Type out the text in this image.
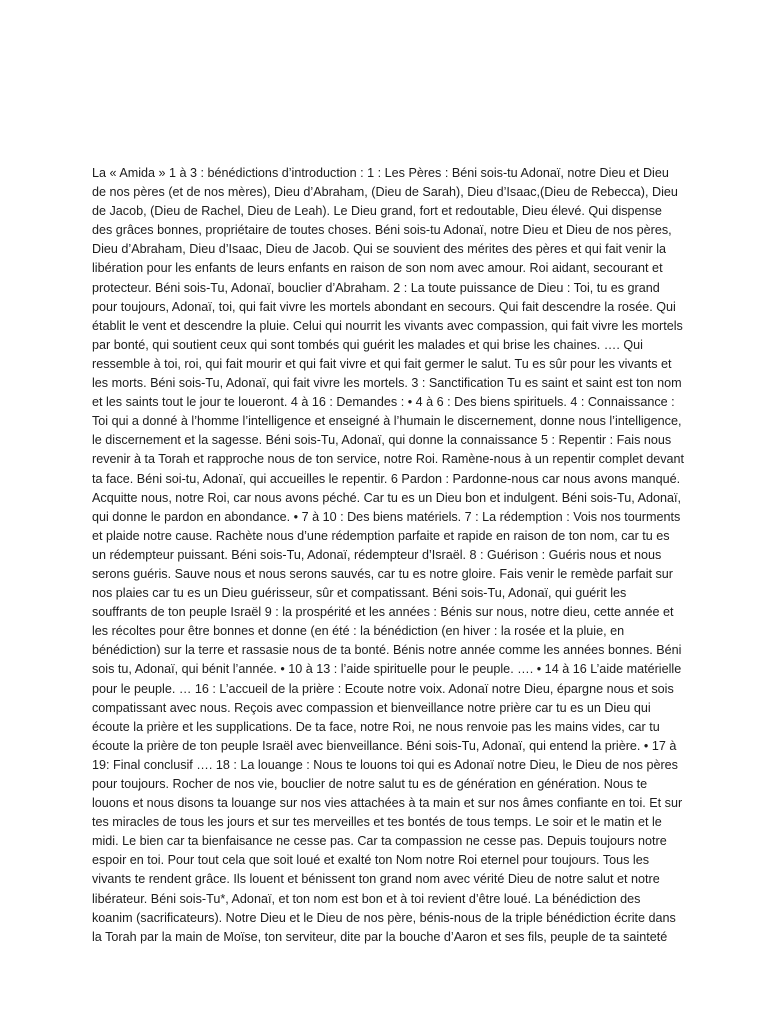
La « Amida » 1 à 3 : bénédictions d’introduction : 1 : Les Pères : Béni sois-tu Adonaï, notre Dieu et Dieu de nos pères (et de nos mères), Dieu d’Abraham, (Dieu de Sarah), Dieu d’Isaac,(Dieu de Rebecca), Dieu de Jacob, (Dieu de Rachel, Dieu de Leah). Le Dieu grand, fort et redoutable, Dieu élevé. Qui dispense des grâces bonnes, propriétaire de toutes choses. Béni sois-tu Adonaï, notre Dieu et Dieu de nos pères, Dieu d’Abraham, Dieu d’Isaac, Dieu de Jacob. Qui se souvient des mérites des pères et qui fait venir la libération pour les enfants de leurs enfants en raison de son nom avec amour. Roi aidant, secourant et protecteur. Béni sois-Tu, Adonaï, bouclier d’Abraham. 2 : La toute puissance de Dieu : Toi, tu es grand pour toujours, Adonaï, toi, qui fait vivre les mortels abondant en secours. Qui fait descendre la rosée. Qui établit le vent et descendre la pluie. Celui qui nourrit les vivants avec compassion, qui fait vivre les mortels par bonté, qui soutient ceux qui sont tombés qui guérit les malades et qui brise les chaines. …. Qui ressemble à toi, roi, qui fait mourir et qui fait vivre et qui fait germer le salut. Tu es sûr pour les vivants et les morts. Béni sois-Tu, Adonaï, qui fait vivre les mortels. 3 : Sanctification Tu es saint et saint est ton nom et les saints tout le jour te loueront. 4 à 16 : Demandes : • 4 à 6 : Des biens spirituels. 4 : Connaissance : Toi qui a donné à l’homme l’intelligence et enseigné à l’humain le discernement, donne nous l’intelligence, le discernement et la sagesse. Béni sois-Tu, Adonaï, qui donne la connaissance 5 : Repentir : Fais nous revenir à ta Torah et rapproche nous de ton service, notre Roi. Ramène-nous à un repentir complet devant ta face. Béni soi-tu, Adonaï, qui accueilles le repentir. 6 Pardon : Pardonne-nous car nous avons manqué. Acquitte nous, notre Roi, car nous avons péché. Car tu es un Dieu bon et indulgent. Béni sois-Tu, Adonaï, qui donne le pardon en abondance. • 7 à 10 : Des biens matériels. 7 : La rédemption : Vois nos tourments et plaide notre cause. Rachète nous d’une rédemption parfaite et rapide en raison de ton nom, car tu es un rédempteur puissant. Béni sois-Tu, Adonaï, rédempteur d’Israël. 8 : Guérison : Guéris nous et nous serons guéris. Sauve nous et nous serons sauvés, car tu es notre gloire. Fais venir le remède parfait sur nos plaies car tu es un Dieu guérisseur, sûr et compatissant. Béni sois-Tu, Adonaï, qui guérit les souffrants de ton peuple Israël 9 : la prospérité et les années : Bénis sur nous, notre dieu, cette année et les récoltes pour être bonnes et donne (en été : la bénédiction (en hiver : la rosée et la pluie, en bénédiction) sur la terre et rassasie nous de ta bonté. Bénis notre année comme les années bonnes. Béni sois tu, Adonaï, qui bénit l’année. • 10 à 13 : l’aide spirituelle pour le peuple. …. • 14 à 16 L’aide matérielle pour le peuple. … 16 : L’accueil de la prière : Ecoute notre voix. Adonaï notre Dieu, épargne nous et sois compatissant avec nous. Reçois avec compassion et bienveillance notre prière car tu es un Dieu qui écoute la prière et les supplications. De ta face, notre Roi, ne nous renvoie pas les mains vides, car tu écoute la prière de ton peuple Israël avec bienveillance. Béni sois-Tu, Adonaï, qui entend la prière. • 17 à 19: Final conclusif …. 18 : La louange : Nous te louons toi qui es Adonaï notre Dieu, le Dieu de nos pères pour toujours. Rocher de nos vie, bouclier de notre salut tu es de génération en génération. Nous te louons et nous disons ta louange sur nos vies attachées à ta main et sur nos âmes confiante en toi. Et sur tes miracles de tous les jours et sur tes merveilles et tes bontés de tous temps. Le soir et le matin et le midi. Le bien car ta bienfaisance ne cesse pas. Car ta compassion ne cesse pas. Depuis toujours notre espoir en toi. Pour tout cela que soit loué et exalté ton Nom notre Roi eternel pour toujours. Tous les vivants te rendent grâce. Ils louent et bénissent ton grand nom avec vérité Dieu de notre salut et notre libérateur. Béni sois-Tu*, Adonaï, et ton nom est bon et à toi revient d’être loué. La bénédiction des koanim (sacrificateurs). Notre Dieu et le Dieu de nos père, bénis-nous de la triple bénédiction écrite dans la Torah par la main de Moïse, ton serviteur, dite par la bouche d’Aaron et ses fils, peuple de ta sainteté
